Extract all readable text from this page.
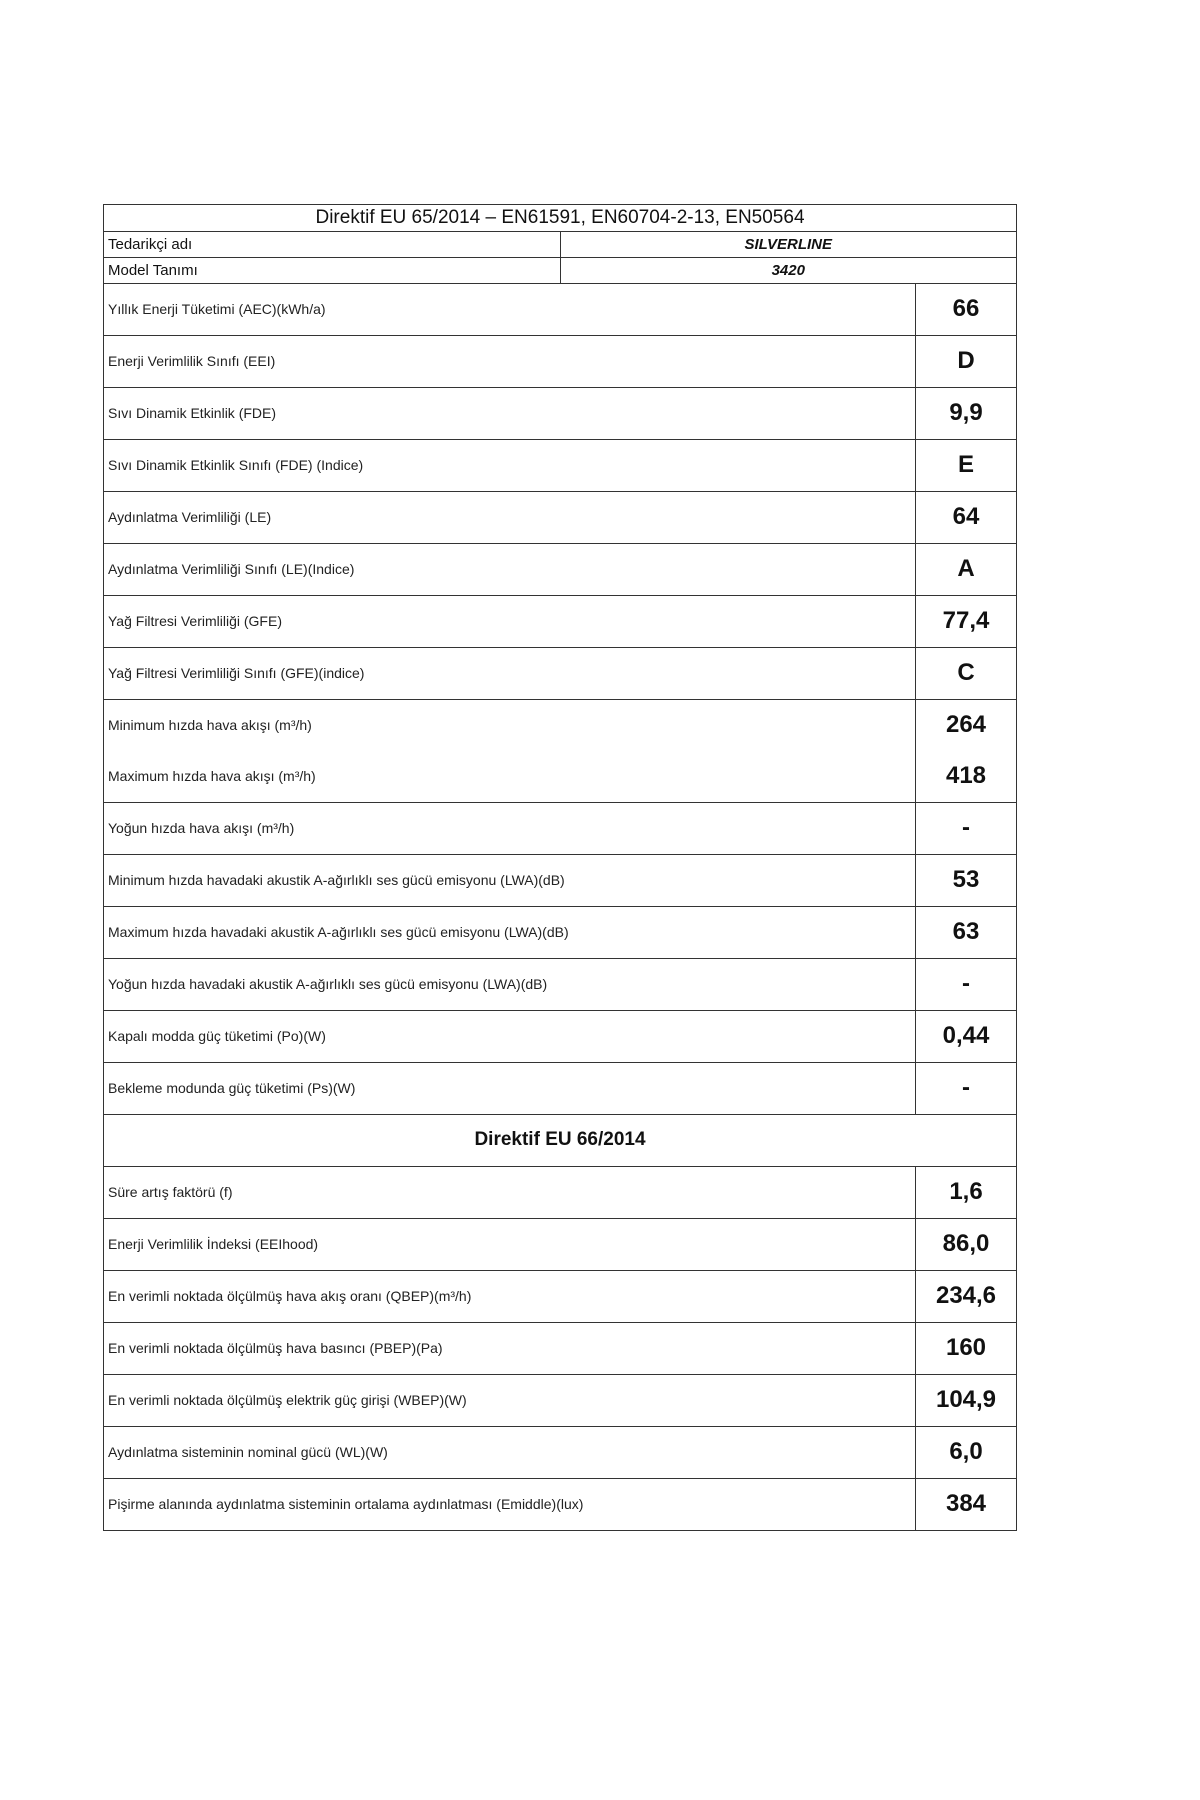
Direktif EU 65/2014 – EN61591, EN60704-2-13, EN50564	
Tedarikçi adı	SILVERLINE
Model Tanımı	3420
Yıllık Enerji Tüketimi (AEC)(kWh/a)	66
Enerji Verimlilik Sınıfı (EEI)	D
Sıvı Dinamik Etkinlik (FDE)	9,9
Sıvı Dinamik Etkinlik Sınıfı (FDE) (Indice)	E
Aydınlatma Verimliliği (LE)	64
Aydınlatma Verimliliği Sınıfı (LE)(Indice)	A
Yağ Filtresi Verimliliği (GFE)	77,4
Yağ Filtresi Verimliliği Sınıfı (GFE)(indice)	C
Minimum hızda hava akışı (m³/h)	264
Maximum hızda hava akışı (m³/h)	418
Yoğun hızda hava akışı (m³/h)	-
Minimum hızda havadaki akustik A-ağırlıklı ses gücü emisyonu (LWA)(dB)	53
Maximum hızda havadaki akustik A-ağırlıklı ses gücü emisyonu (LWA)(dB)	63
Yoğun hızda havadaki akustik A-ağırlıklı ses gücü emisyonu (LWA)(dB)	-
Kapalı modda güç tüketimi (Po)(W)	0,44
Bekleme modunda güç tüketimi (Ps)(W)	-
Direktif EU 66/2014	
Süre artış faktörü (f)	1,6
Enerji Verimlilik İndeksi (EEIhood)	86,0
En verimli noktada ölçülmüş hava akış oranı (QBEP)(m³/h)	234,6
En verimli noktada ölçülmüş hava basıncı (PBEP)(Pa)	160
En verimli noktada ölçülmüş elektrik güç girişi (WBEP)(W)	104,9
Aydınlatma sisteminin nominal gücü (WL)(W)	6,0
Pişirme alanında aydınlatma sisteminin ortalama aydınlatması (Emiddle)(lux)	384
